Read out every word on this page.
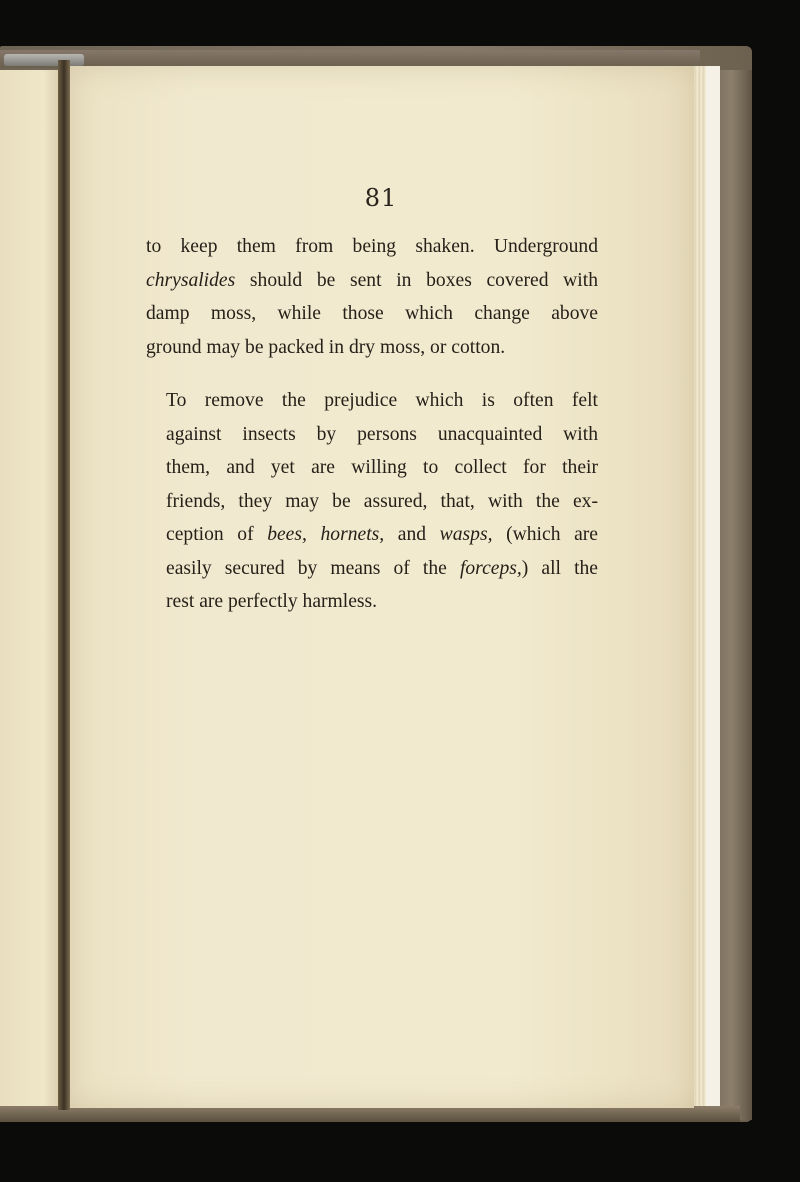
81
to keep them from being shaken. Underground
chrysalides should be sent in boxes covered with
damp moss, while those which change above
ground may be packed in dry moss, or cotton.
To remove the prejudice which is often felt
against insects by persons unacquainted with
them, and yet are willing to collect for their
friends, they may be assured, that, with the ex-
ception of bees, hornets, and wasps, (which are
easily secured by means of the forceps,) all the
rest are perfectly harmless.
